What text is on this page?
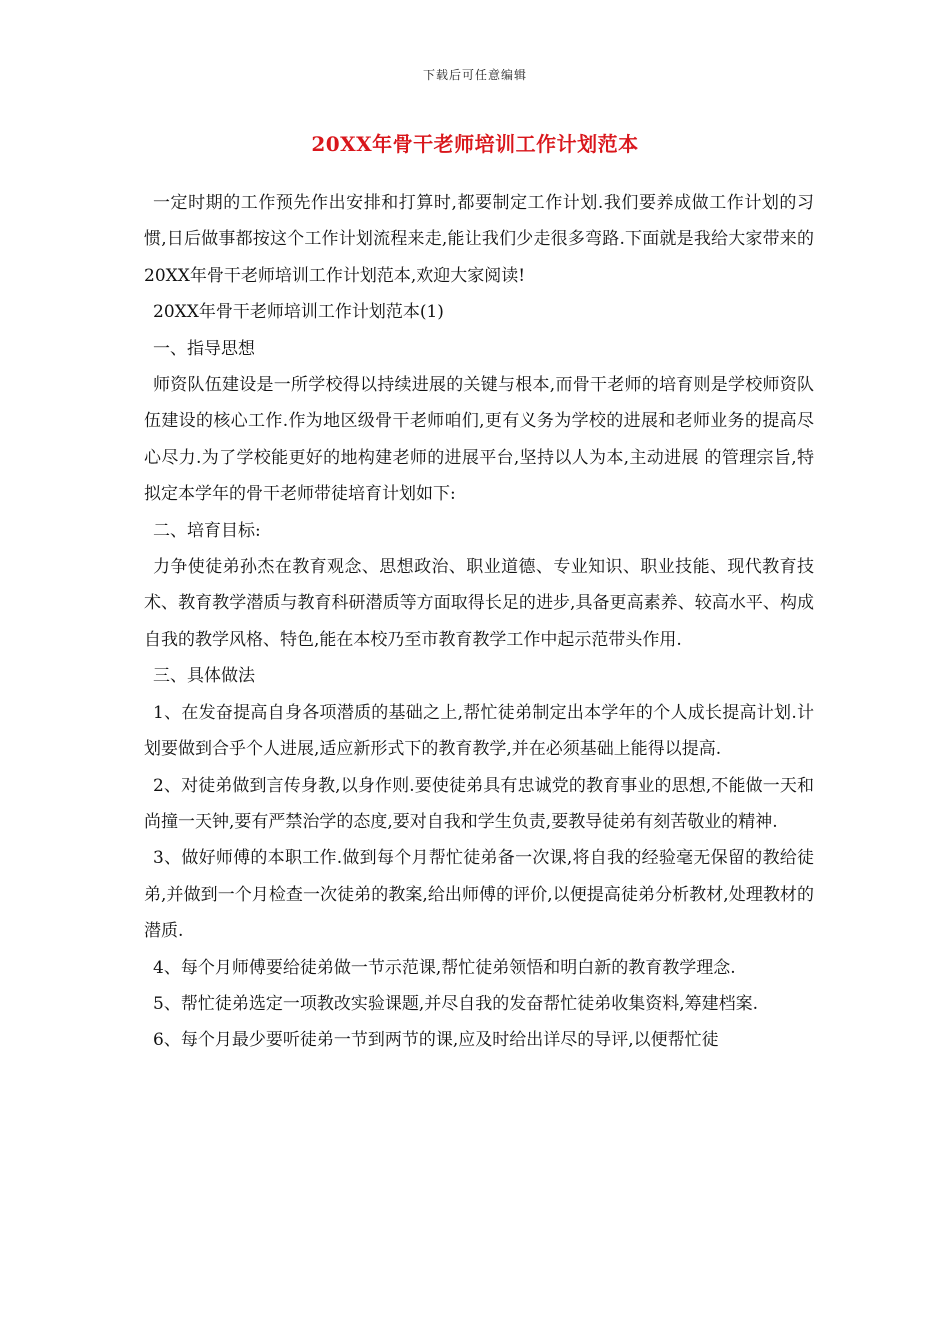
下载后可任意编辑
20XX年骨干老师培训工作计划范本

一定时期的工作预先作出安排和打算时,都要制定工作计划.我们要养成做工作计划的习惯,日后做事都按这个工作计划流程来走,能让我们少走很多弯路.下面就是我给大家带来的20XX年骨干老师培训工作计划范本,欢迎大家阅读!

20XX年骨干老师培训工作计划范本(1)

一、指导思想

师资队伍建设是一所学校得以持续进展的关键与根本,而骨干老师的培育则是学校师资队伍建设的核心工作.作为地区级骨干老师咱们,更有义务为学校的进展和老师业务的提高尽心尽力.为了学校能更好的地构建老师的进展平台,坚持以人为本,主动进展 的管理宗旨,特拟定本学年的骨干老师带徒培育计划如下:

二、培育目标:

力争使徒弟孙杰在教育观念、思想政治、职业道德、专业知识、职业技能、现代教育技术、教育教学潜质与教育科研潜质等方面取得长足的进步,具备更高素养、较高水平、构成自我的教学风格、特色,能在本校乃至市教育教学工作中起示范带头作用.

三、具体做法

1、在发奋提高自身各项潜质的基础之上,帮忙徒弟制定出本学年的个人成长提高计划.计划要做到合乎个人进展,适应新形式下的教育教学,并在必须基础上能得以提高.

2、对徒弟做到言传身教,以身作则.要使徒弟具有忠诚党的教育事业的思想,不能做一天和尚撞一天钟,要有严禁治学的态度,要对自我和学生负责,要教导徒弟有刻苦敬业的精神.

3、做好师傅的本职工作.做到每个月帮忙徒弟备一次课,将自我的经验毫无保留的教给徒弟,并做到一个月检查一次徒弟的教案,给出师傅的评价,以便提高徒弟分析教材,处理教材的潜质.

4、每个月师傅要给徒弟做一节示范课,帮忙徒弟领悟和明白新的教育教学理念.

5、帮忙徒弟选定一项教改实验课题,并尽自我的发奋帮忙徒弟收集资料,筹建档案.

6、每个月最少要听徒弟一节到两节的课,应及时给出详尽的导评,以便帮忙徒
